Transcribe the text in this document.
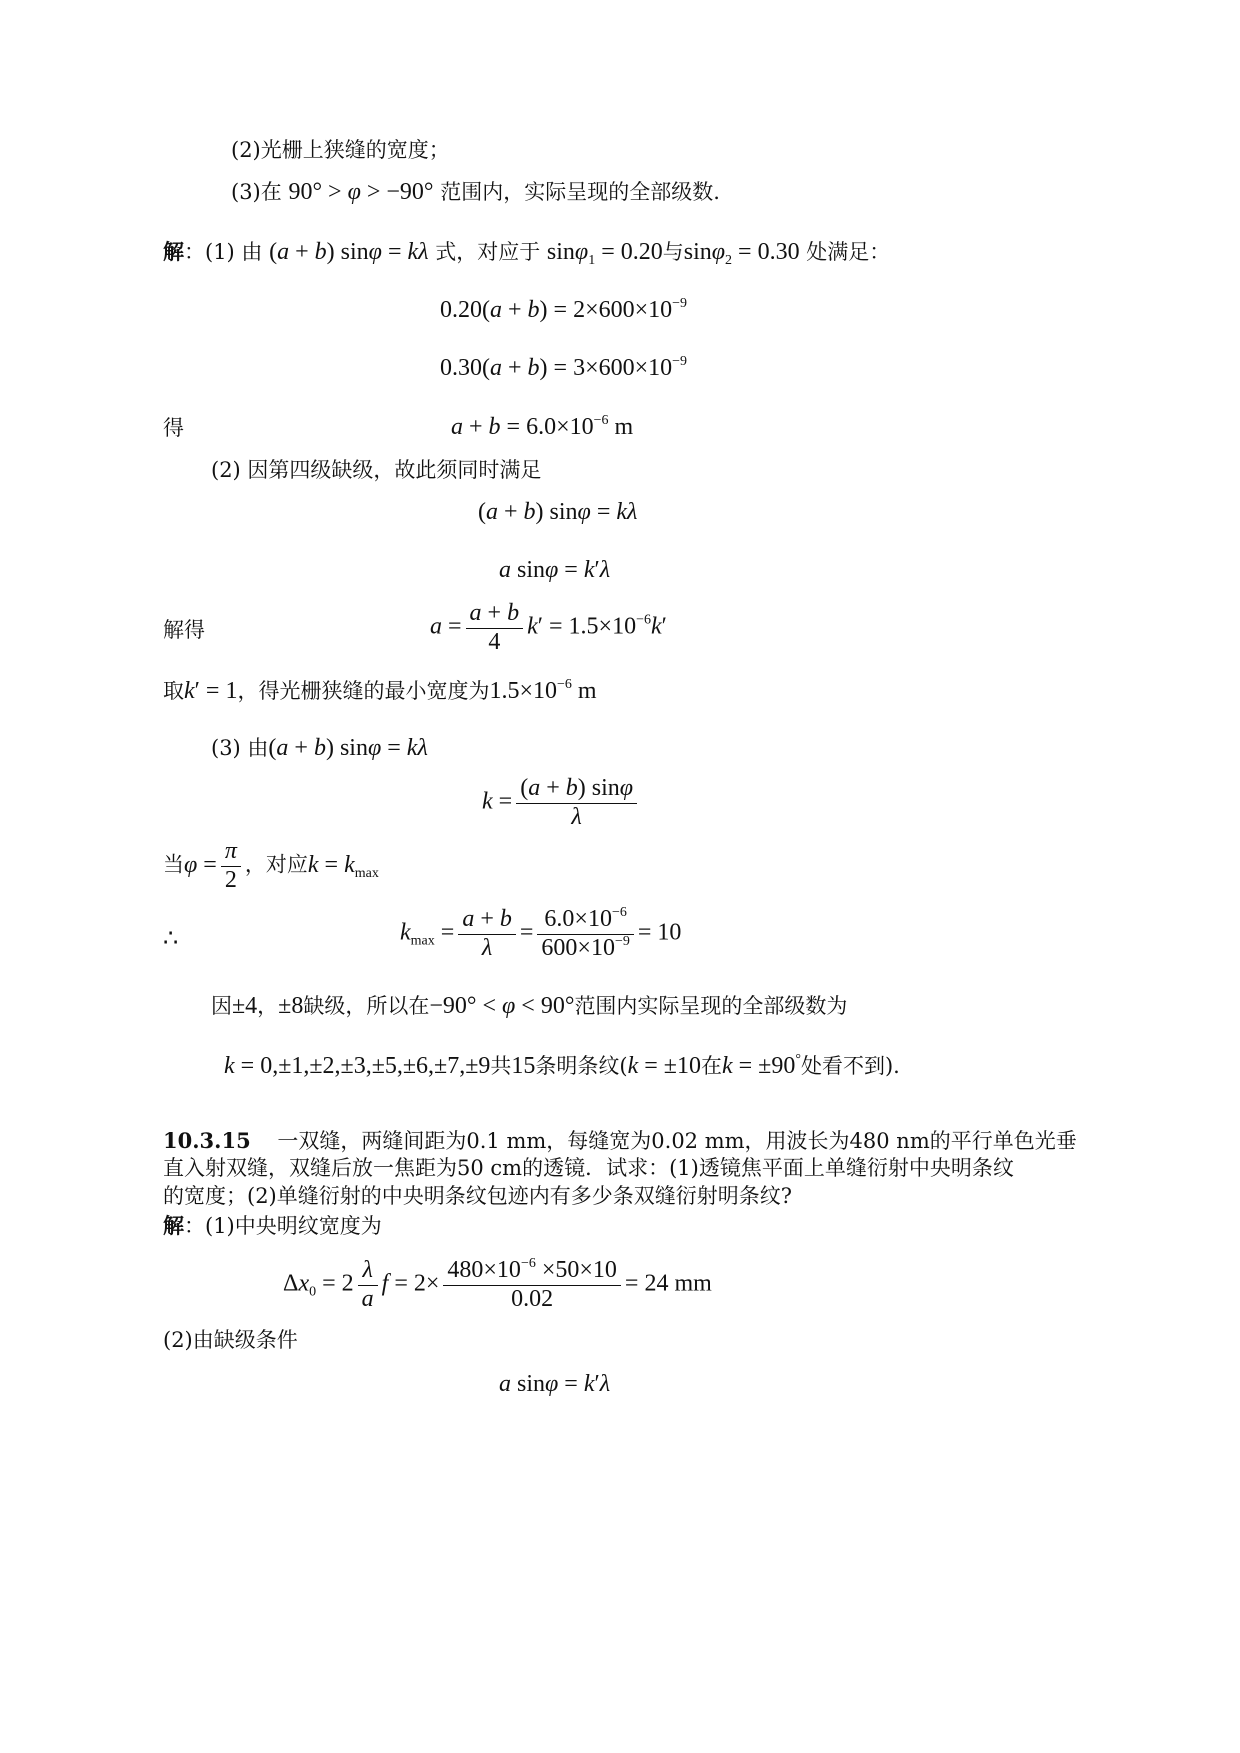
(2)光栅上狭缝的宽度；
(3)在 90° > φ > −90° 范围内，实际呈现的全部级数.
解：(1) 由 (a + b) sinφ = kλ 式，对应于 sinφ$_1$ = 0.20与sinφ$_2$ = 0.30 处满足：
$0.20(a + b) = 2\times 600\times 10^{-9}$
$0.30(a + b) = 3\times 600\times 10^{-9}$
得	$a + b = 6.0\times 10^{-6}$ m
(2) 因第四级缺级，故此须同时满足
(a + b) sinφ = kλ
a sinφ = k′λ
解得	$a = \frac{a + b}{4} k' = 1.5\times 10^{-6}k'$
取k′ = 1，得光栅狭缝的最小宽度为$1.5\times 10^{-6}$ m
(3) 由(a + b) sinφ = kλ
$k = \frac{(a + b) \sin\varphi}{\lambda}$
当$\varphi = \frac{\pi}{2}$ ，对应$k = k_{max}$
∴	$k_{max} = \frac{a + b}{\lambda} = \frac{6.0\times 10^{-6}}{600\times 10^{-9}} = 10$
因±4，±8缺级，所以在−90° < φ < 90°范围内实际呈现的全部级数为
k = 0,±1,±2,±3,±5,±6,±7,±9共15条明条纹(k = ±10在k = ±90°处看不到).
10.3.15 一双缝，两缝间距为0.1 mm，每缝宽为0.02 mm，用波长为480 nm的平行单色光垂
直入射双缝，双缝后放一焦距为50 cm的透镜．试求：(1)透镜焦平面上单缝衍射中央明条纹
的宽度；(2)单缝衍射的中央明条纹包迹内有多少条双缝衍射明条纹?
解：(1)中央明纹宽度为
$\Delta x_0 = 2 \frac{\lambda}{a}$ $f = 2\times \frac{480\times 10^{-6} \times 50\times 10}{0.02} = 24$ mm
(2)由缺级条件
a sinφ = k′λ
